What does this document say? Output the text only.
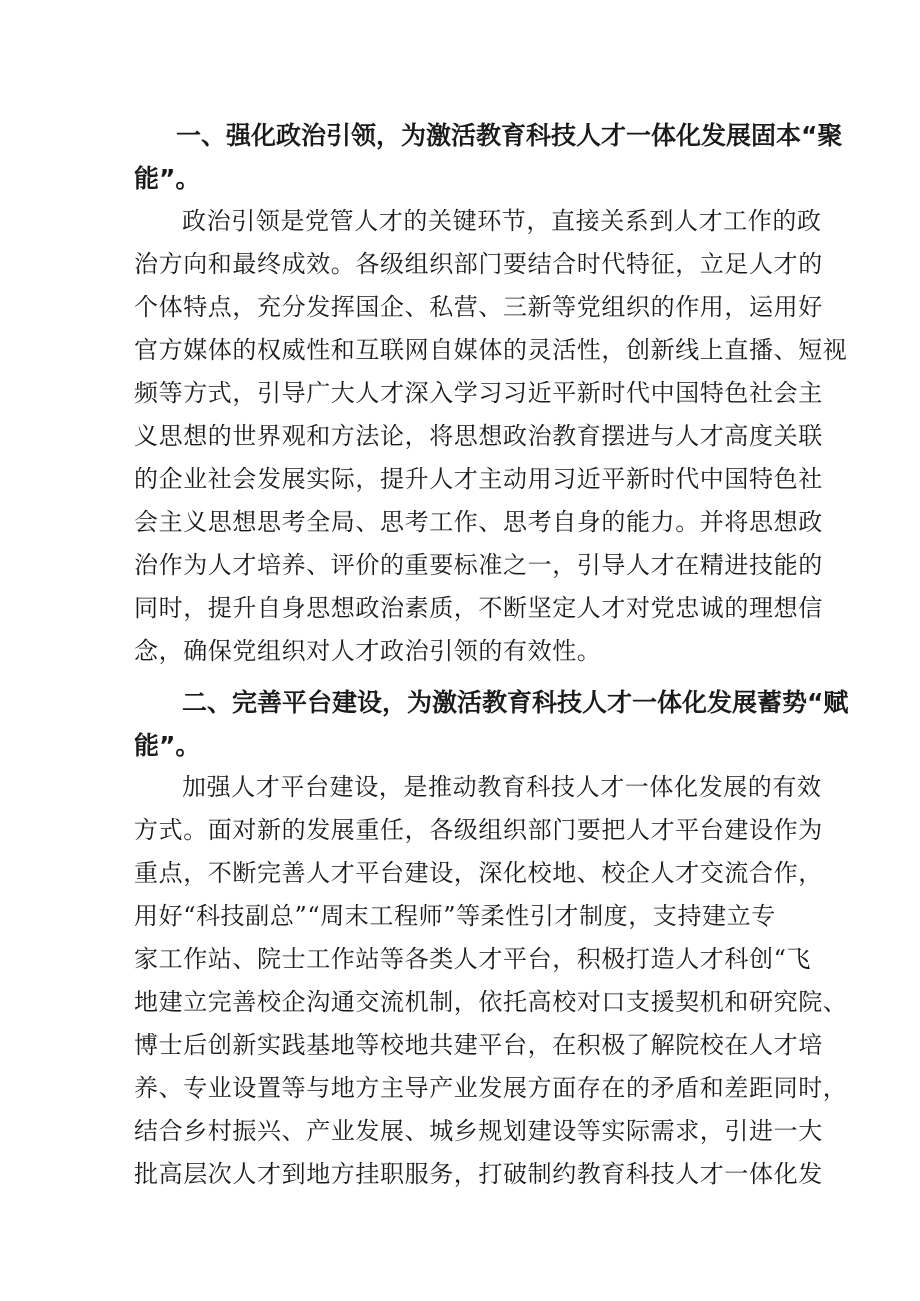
一、强化政治引领，为激活教育科技人才一体化发展固本“聚
能”。
政治引领是党管人才的关键环节，直接关系到人才工作的政
治方向和最终成效。各级组织部门要结合时代特征，立足人才的
个体特点，充分发挥国企、私营、三新等党组织的作用，运用好
官方媒体的权威性和互联网自媒体的灵活性，创新线上直播、短视
频等方式，引导广大人才深入学习习近平新时代中国特色社会主
义思想的世界观和方法论，将思想政治教育摆进与人才高度关联
的企业社会发展实际，提升人才主动用习近平新时代中国特色社
会主义思想思考全局、思考工作、思考自身的能力。并将思想政
治作为人才培养、评价的重要标准之一，引导人才在精进技能的
同时，提升自身思想政治素质，不断坚定人才对党忠诚的理想信
念，确保党组织对人才政治引领的有效性。
二、完善平台建设，为激活教育科技人才一体化发展蓄势“赋
能”。
加强人才平台建设，是推动教育科技人才一体化发展的有效
方式。面对新的发展重任，各级组织部门要把人才平台建设作为
重点，不断完善人才平台建设，深化校地、校企人才交流合作，
用好“科技副总”“周末工程师”等柔性引才制度，支持建立专
家工作站、院士工作站等各类人才平台，积极打造人才科创“飞
地建立完善校企沟通交流机制，依托高校对口支援契机和研究院、
博士后创新实践基地等校地共建平台，在积极了解院校在人才培
养、专业设置等与地方主导产业发展方面存在的矛盾和差距同时，
结合乡村振兴、产业发展、城乡规划建设等实际需求，引进一大
批高层次人才到地方挂职服务，打破制约教育科技人才一体化发
